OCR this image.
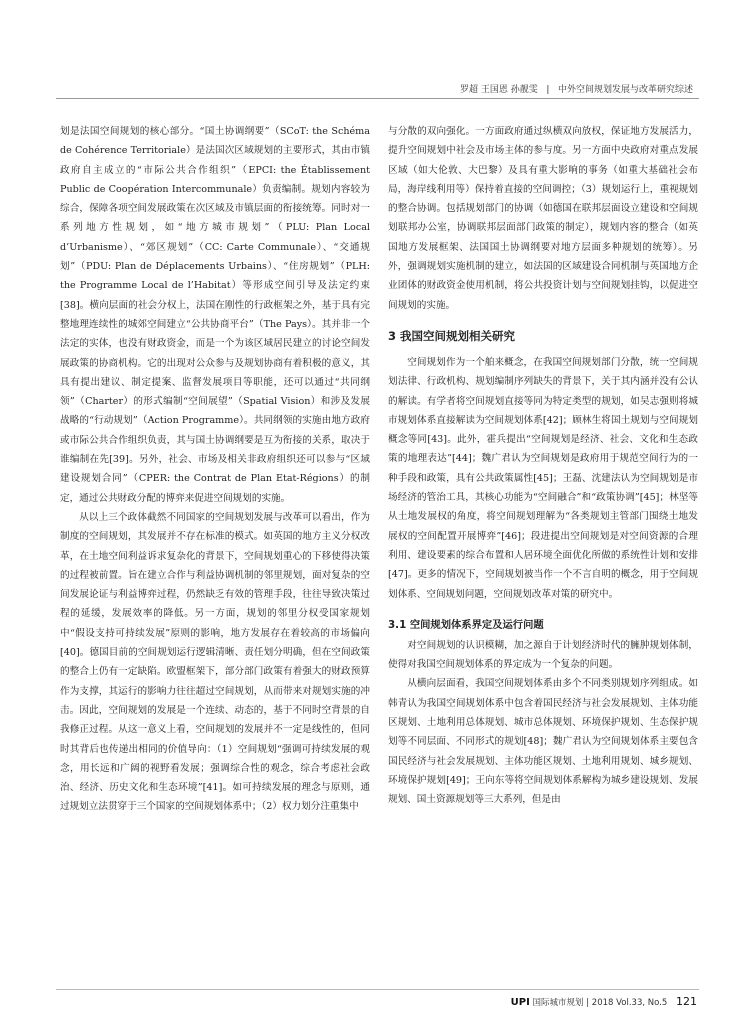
罗超 王国恩 孙靓雯 | 中外空间规划发展与改革研究综述

划是法国空间规划的核心部分。“国土协调纲要”（SCoT: the Schéma de Cohérence Territoriale）是法国次区域规划的主要形式，其由市镇政府自主成立的“市际公共合作组织”（EPCI: the Établissement Public de Coopération Intercommunale）负责编制。规划内容较为综合，保障各项空间发展政策在次区域及市镇层面的衔接统筹。同时对一系列地方性规划，如“地方城市规划”（PLU: Plan Local d’Urbanisme）、“郊区规划”（CC: Carte Communale）、“交通规划”（PDU: Plan de Déplacements Urbains）、“住房规划”（PLH: the Programme Local de l’Habitat）等形成空间引导及法定约束[38]。横向层面的社会分权上，法国在刚性的行政框架之外，基于具有完整地理连续性的城郊空间建立“公共协商平台”（The Pays）。其并非一个法定的实体，也没有财政资金，而是一个为该区域居民建立的讨论空间发展政策的协商机构。它的出现对公众参与及规划协商有着积极的意义，其具有提出建议、制定提案、监督发展项目等职能，还可以通过“共同纲领”（Charter）的形式编制“空间展望”（Spatial Vision）和涉及发展战略的“行动规划”（Action Programme）。共同纲领的实施由地方政府或市际公共合作组织负责，其与国土协调纲要是互为衔接的关系，取决于谁编制在先[39]。另外，社会、市场及相关非政府组织还可以参与“区域建设规划合同”（CPER: the Contrat de Plan Etat-Régions）的制定，通过公共财政分配的博弈来促进空间规划的实施。

从以上三个政体截然不同国家的空间规划发展与改革可以看出，作为制度的空间规划，其发展并不存在标准的模式。如英国的地方主义分权改革，在土地空间利益诉求复杂化的背景下，空间规划重心的下移使得决策的过程被前置。旨在建立合作与利益协调机制的邻里规划，面对复杂的空间发展论证与利益博弈过程，仍然缺乏有效的管理手段，往往导致决策过程的延缓，发展效率的降低。另一方面，规划的邻里分权受国家规划中“假设支持可持续发展”原则的影响，地方发展存在着较高的市场偏向[40]。德国目前的空间规划运行逻辑清晰、责任划分明确，但在空间政策的整合上仍有一定缺陷。欧盟框架下，部分部门政策有着强大的财政预算作为支撑，其运行的影响力往往超过空间规划，从而带来对规划实施的冲击。因此，空间规划的发展是一个连续、动态的，基于不同时空背景的自我修正过程。从这一意义上看，空间规划的发展并不一定是线性的，但同时其背后也传递出相同的价值导向：（1）空间规划“强调可持续发展的观念，用长远和广阔的视野看发展；强调综合性的观念，综合考虑社会政治、经济、历史文化和生态环境”[41]。如可持续发展的理念与原则，通过规划立法贯穿于三个国家的空间规划体系中；（2）权力划分注重集中

与分散的双向强化。一方面政府通过纵横双向放权，保证地方发展活力，提升空间规划中社会及市场主体的参与度。另一方面中央政府对重点发展区域（如大伦敦、大巴黎）及具有重大影响的事务（如重大基础社会布局，海岸线利用等）保持着直接的空间调控；（3）规划运行上，重视规划的整合协调。包括规划部门的协调（如德国在联邦层面设立建设和空间规划联邦办公室，协调联邦层面部门政策的制定），规划内容的整合（如英国地方发展框架、法国国土协调纲要对地方层面多种规划的统筹）。另外，强调规划实施机制的建立，如法国的区域建设合同机制与英国地方企业团体的财政资金使用机制，将公共投资计划与空间规划挂钩，以促进空间规划的实施。

3 我国空间规划相关研究

空间规划作为一个舶来概念，在我国空间规划部门分散，统一空间规划法律、行政机构、规划编制序列缺失的背景下，关于其内涵并没有公认的解读。有学者将空间规划直接等同为特定类型的规划，如吴志强则将城市规划体系直接解读为空间规划体系[42]；顾林生将国土规划与空间规划概念等同[43]。此外，霍兵提出“空间规划是经济、社会、文化和生态政策的地理表达”[44]；魏广君认为空间规划是政府用于规范空间行为的一种手段和政策，具有公共政策属性[45]；王磊、沈建法认为空间规划是市场经济的管治工具，其核心功能为“空间融合”和“政策协调”[45]；林坚等从土地发展权的角度，将空间规划理解为“各类规划主管部门围绕土地发展权的空间配置开展博弈”[46]；段进提出空间规划是对空间资源的合理利用、建设要素的综合布置和人居环境全面优化所做的系统性计划和安排[47]。更多的情况下，空间规划被当作一个不言自明的概念，用于空间规划体系、空间规划问题，空间规划改革对策的研究中。

3.1 空间规划体系界定及运行问题

对空间规划的认识模糊，加之源自于计划经济时代的臃肿规划体制，使得对我国空间规划体系的界定成为一个复杂的问题。

从横向层面看，我国空间规划体系由多个不同类别规划序列组成。如韩青认为我国空间规划体系中包含着国民经济与社会发展规划、主体功能区规划、土地利用总体规划、城市总体规划、环境保护规划、生态保护规划等不同层面、不同形式的规划[48]；魏广君认为空间规划体系主要包含国民经济与社会发展规划、主体功能区规划、土地利用规划、城乡规划、环境保护规划[49]；王向东等将空间规划体系解构为城乡建设规划、发展规划、国土资源规划等三大系列，但是由

UPI 国际城市规划 | 2018 Vol.33, No.5 121
